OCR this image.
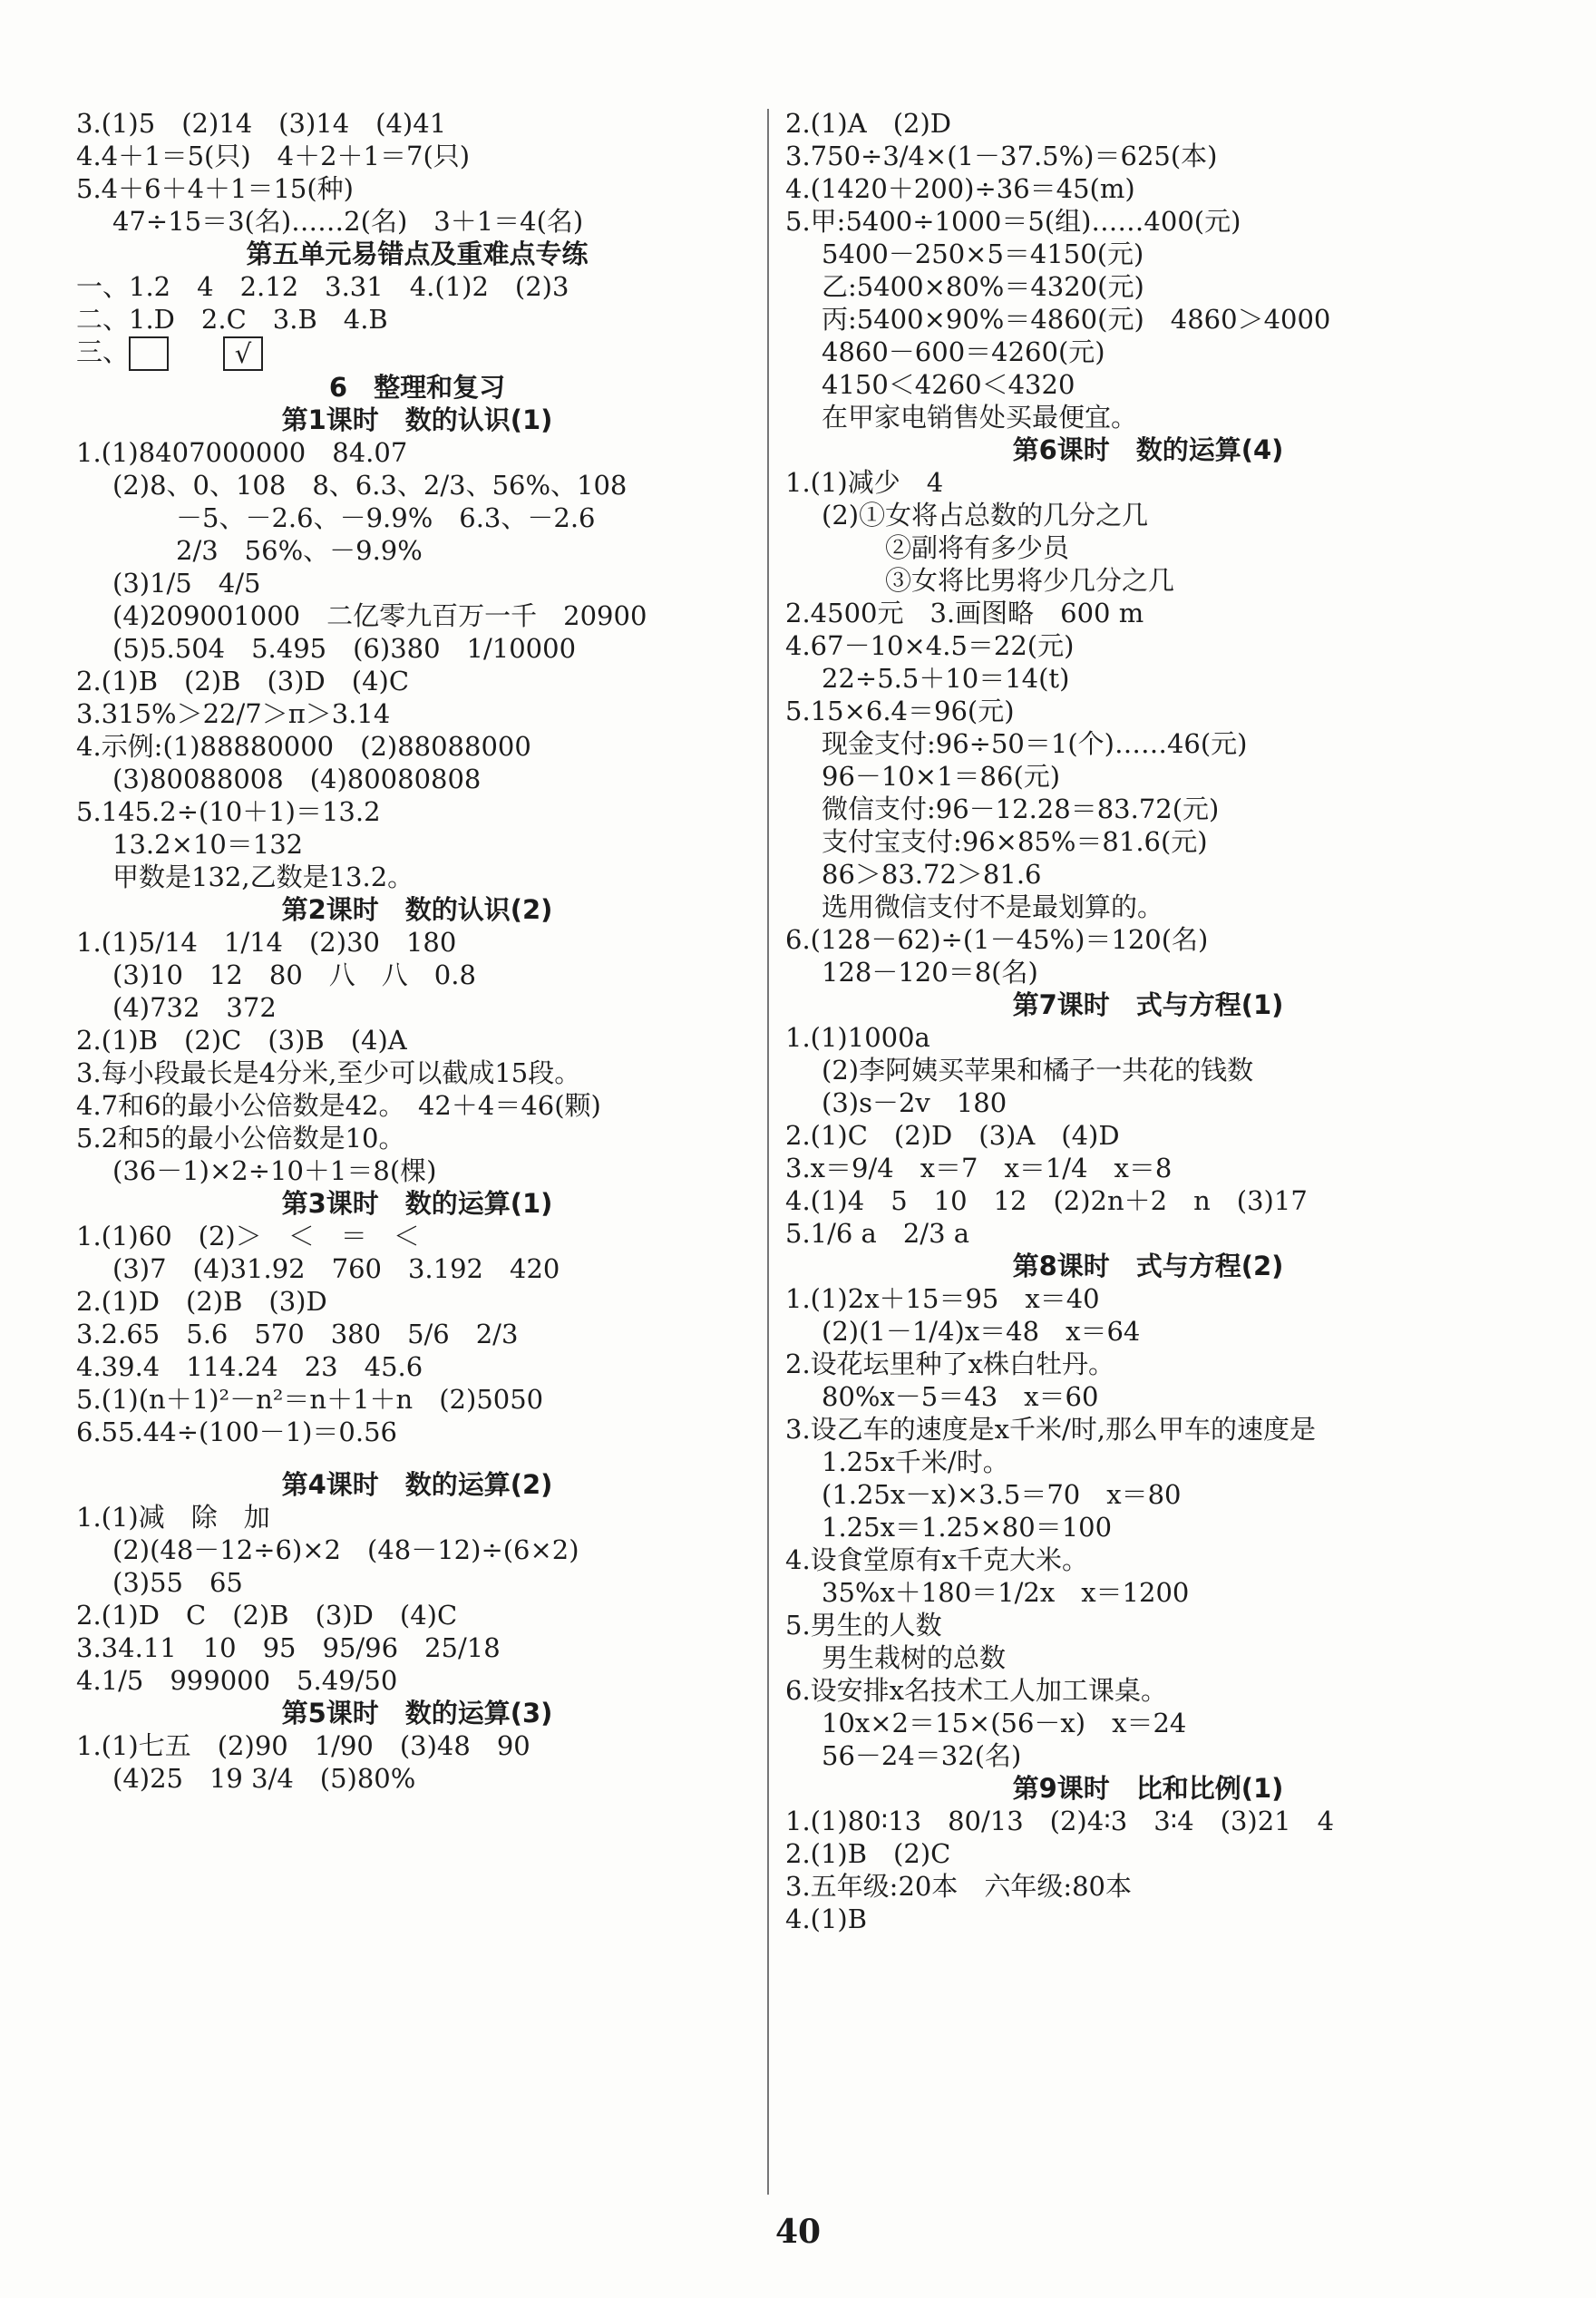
3.(1)5　(2)14　(3)14　(4)41
4.4＋1＝5(只)　4＋2＋1＝7(只)
5.4＋6＋4＋1＝15(种)
47÷15＝3(名)……2(名)　3＋1＝4(名)
第五单元易错点及重难点专练
一、1.2　4　2.12　3.31　4.(1)2　(2)3
二、1.D　2.C　3.B　4.B
三、	√
6　整理和复习
第1课时　数的认识(1)
1.(1)8407000000　84.07
(2)8、0、108　8、6.3、2/3、56%、108
－5、－2.6、－9.9%　6.3、－2.6
2/3　56%、－9.9%
(3)1/5　4/5
(4)209001000　二亿零九百万一千　20900
(5)5.504　5.495　(6)380　1/10000
2.(1)B　(2)B　(3)D　(4)C
3.315%＞22/7＞π＞3.14
4.示例:(1)88880000　(2)88088000
(3)80088008　(4)80080808
5.145.2÷(10＋1)＝13.2
13.2×10＝132
甲数是132,乙数是13.2。
第2课时　数的认识(2)
1.(1)5/14　1/14　(2)30　180
(3)10　12　80　八　八　0.8
(4)732　372
2.(1)B　(2)C　(3)B　(4)A
3.每小段最长是4分米,至少可以截成15段。
4.7和6的最小公倍数是42。　42＋4＝46(颗)
5.2和5的最小公倍数是10。
(36－1)×2÷10＋1＝8(棵)
第3课时　数的运算(1)
1.(1)60　(2)＞　＜　＝　＜
(3)7　(4)31.92　760　3.192　420
2.(1)D　(2)B　(3)D
3.2.65　5.6　570　380　5/6　2/3
4.39.4　114.24　23　45.6
5.(1)(n＋1)²－n²＝n＋1＋n　(2)5050
6.55.44÷(100－1)＝0.56
第4课时　数的运算(2)
1.(1)减　除　加
(2)(48－12÷6)×2　(48－12)÷(6×2)
(3)55　65
2.(1)D　C　(2)B　(3)D　(4)C
3.34.11　10　95　95/96　25/18
4.1/5　999000　5.49/50
第5课时　数的运算(3)
1.(1)七五　(2)90　1/90　(3)48　90
(4)25　19 3/4　(5)80%
2.(1)A　(2)D
3.750÷3/4×(1－37.5%)＝625(本)
4.(1420＋200)÷36＝45(m)
5.甲:5400÷1000＝5(组)……400(元)
5400－250×5＝4150(元)
乙:5400×80%＝4320(元)
丙:5400×90%＝4860(元)　4860＞4000
4860－600＝4260(元)
4150＜4260＜4320
在甲家电销售处买最便宜。
第6课时　数的运算(4)
1.(1)减少　4
(2)①女将占总数的几分之几
②副将有多少员
③女将比男将少几分之几
2.4500元　3.画图略　600 m
4.67－10×4.5＝22(元)
22÷5.5＋10＝14(t)
5.15×6.4＝96(元)
现金支付:96÷50＝1(个)……46(元)
96－10×1＝86(元)
微信支付:96－12.28＝83.72(元)
支付宝支付:96×85%＝81.6(元)
86＞83.72＞81.6
选用微信支付不是最划算的。
6.(128－62)÷(1－45%)＝120(名)
128－120＝8(名)
第7课时　式与方程(1)
1.(1)1000a
(2)李阿姨买苹果和橘子一共花的钱数
(3)s－2v　180
2.(1)C　(2)D　(3)A　(4)D
3.x＝9/4　x＝7　x＝1/4　x＝8
4.(1)4　5　10　12　(2)2n＋2　n　(3)17
5.1/6 a　2/3 a
第8课时　式与方程(2)
1.(1)2x＋15＝95　x＝40
(2)(1－1/4)x＝48　x＝64
2.设花坛里种了x株白牡丹。
80%x－5＝43　x＝60
3.设乙车的速度是x千米/时,那么甲车的速度是
1.25x千米/时。
(1.25x－x)×3.5＝70　x＝80
1.25x＝1.25×80＝100
4.设食堂原有x千克大米。
35%x＋180＝1/2x　x＝1200
5.男生的人数
男生栽树的总数
6.设安排x名技术工人加工课桌。
10x×2＝15×(56－x)　x＝24
56－24＝32(名)
第9课时　比和比例(1)
1.(1)80∶13　80/13　(2)4∶3　3∶4　(3)21　4
2.(1)B　(2)C
3.五年级:20本　六年级:80本
4.(1)B
40
